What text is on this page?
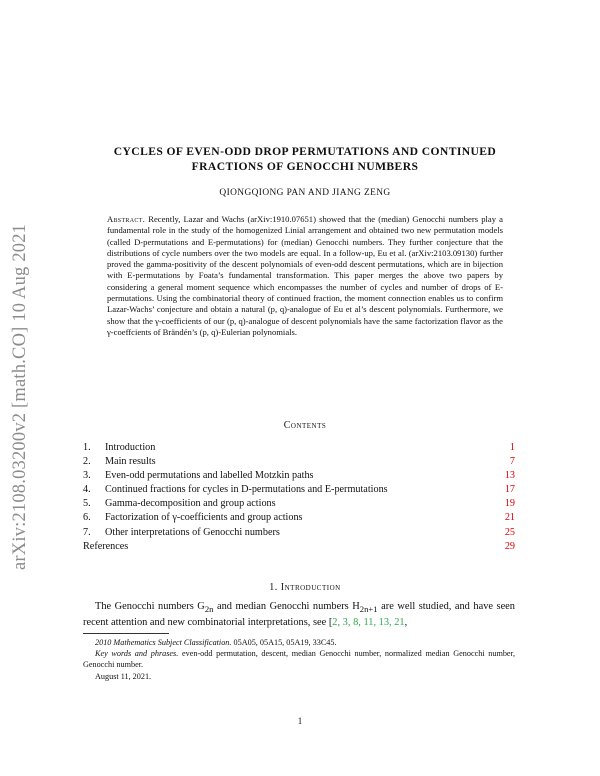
arXiv:2108.03200v2 [math.CO] 10 Aug 2021
CYCLES OF EVEN-ODD DROP PERMUTATIONS AND CONTINUED
FRACTIONS OF GENOCCHI NUMBERS
QIONGQIONG PAN AND JIANG ZENG
Abstract. Recently, Lazar and Wachs (arXiv:1910.07651) showed that the (median) Genocchi numbers play a fundamental role in the study of the homogenized Linial arrangement and obtained two new permutation models (called D-permutations and E-permutations) for (median) Genocchi numbers. They further conjecture that the distributions of cycle numbers over the two models are equal. In a follow-up, Eu et al. (arXiv:2103.09130) further proved the gamma-positivity of the descent polynomials of even-odd descent permutations, which are in bijection with E-permutations by Foata’s fundamental transformation. This paper merges the above two papers by considering a general moment sequence which encompasses the number of cycles and number of drops of E-permutations. Using the combinatorial theory of continued fraction, the moment connection enables us to confirm Lazar-Wachs’ conjecture and obtain a natural (p, q)-analogue of Eu et al’s descent polynomials. Furthermore, we show that the γ-coefficients of our (p, q)-analogue of descent polynomials have the same factorization flavor as the γ-coeffcients of Brändén’s (p, q)-Eulerian polynomials.
Contents
1.	Introduction	1
2.	Main results	7
3.	Even-odd permutations and labelled Motzkin paths	13
4.	Continued fractions for cycles in D-permutations and E-permutations	17
5.	Gamma-decomposition and group actions	19
6.	Factorization of γ-coefficients and group actions	21
7.	Other interpretations of Genocchi numbers	25
References	29
1. Introduction
The Genocchi numbers $G_{2n}$ and median Genocchi numbers $H_{2n+1}$ are well studied, and have seen recent attention and new combinatorial interpretations, see [2, 3, 8, 11, 13, 21,
2010 Mathematics Subject Classification. 05A05, 05A15, 05A19, 33C45.
Key words and phrases. even-odd permutation, descent, median Genocchi number, normalized median Genocchi number, Genocchi number.
August 11, 2021.
1
